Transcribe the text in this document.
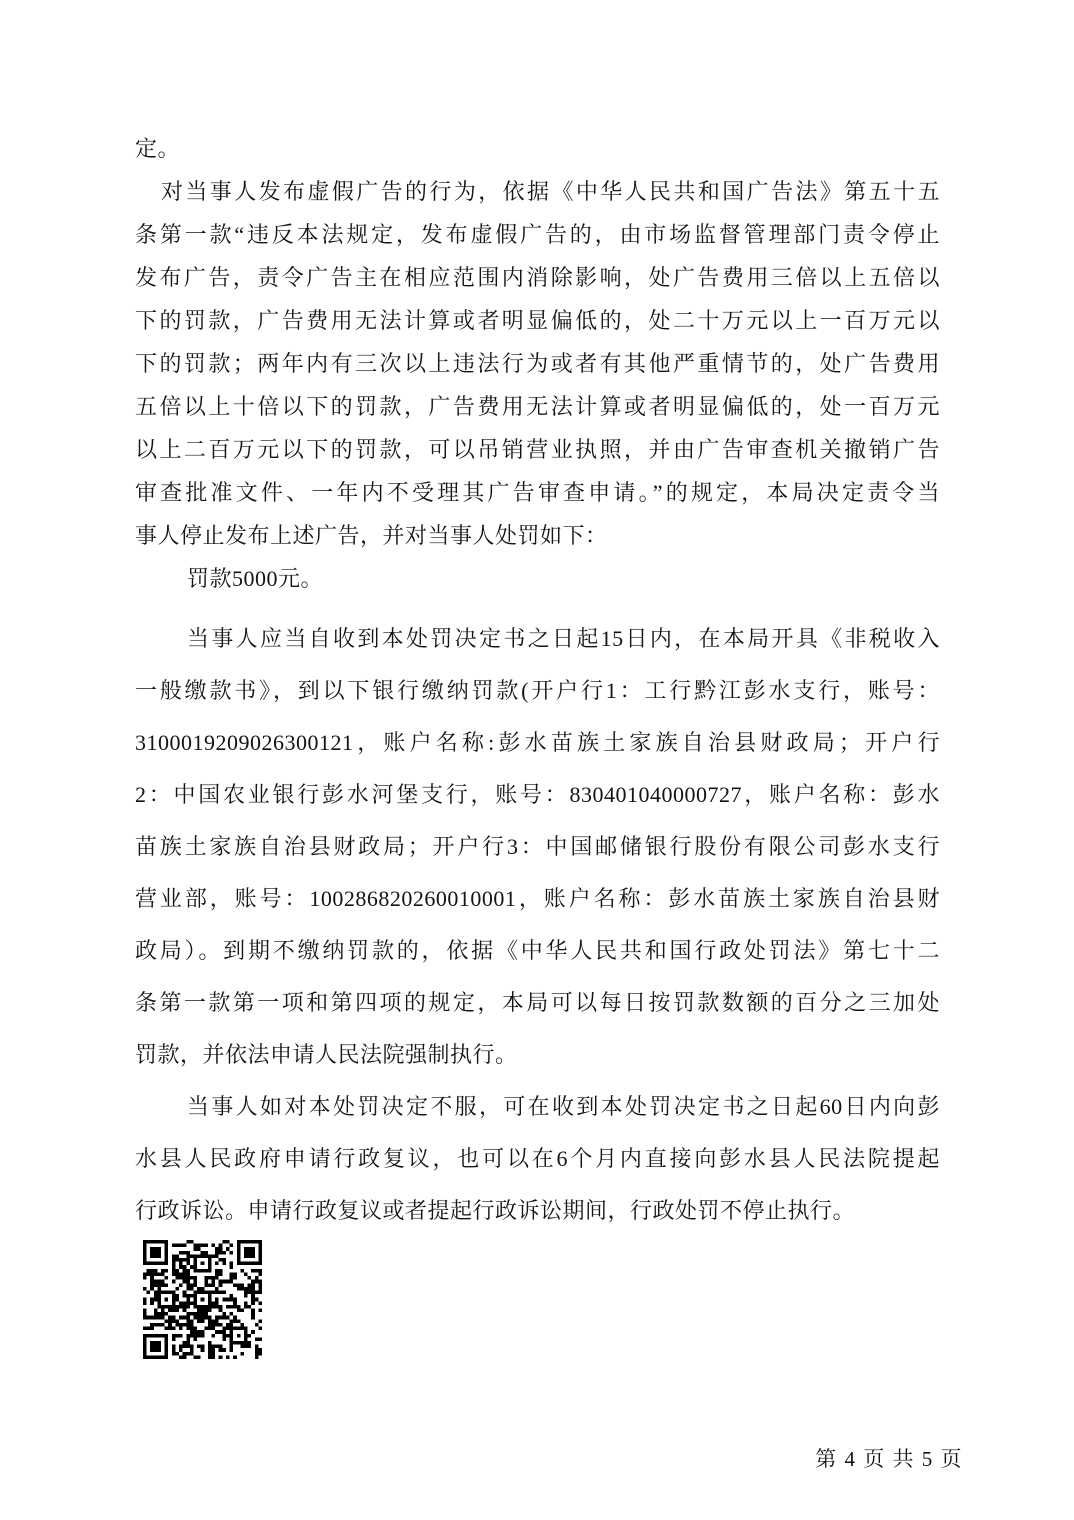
定。
对当事人发布虚假广告的行为，依据《中华人民共和国广告法》第五十五
条第一款“违反本法规定，发布虚假广告的，由市场监督管理部门责令停止
发布广告，责令广告主在相应范围内消除影响，处广告费用三倍以上五倍以
下的罚款，广告费用无法计算或者明显偏低的，处二十万元以上一百万元以
下的罚款；两年内有三次以上违法行为或者有其他严重情节的，处广告费用
五倍以上十倍以下的罚款，广告费用无法计算或者明显偏低的，处一百万元
以上二百万元以下的罚款，可以吊销营业执照，并由广告审查机关撤销广告
审查批准文件、一年内不受理其广告审查申请。”的规定，本局决定责令当
事人停止发布上述广告，并对当事人处罚如下：
罚款5000元。
当事人应当自收到本处罚决定书之日起15日内，在本局开具《非税收入
一般缴款书》，到以下银行缴纳罚款(开户行1：工行黔江彭水支行，账号：
3100019209026300121，账户名称:彭水苗族土家族自治县财政局；开户行
2：中国农业银行彭水河堡支行，账号：830401040000727，账户名称：彭水
苗族土家族自治县财政局；开户行3：中国邮储银行股份有限公司彭水支行
营业部，账号：100286820260010001，账户名称：彭水苗族土家族自治县财
政局）。到期不缴纳罚款的，依据《中华人民共和国行政处罚法》第七十二
条第一款第一项和第四项的规定，本局可以每日按罚款数额的百分之三加处
罚款，并依法申请人民法院强制执行。
当事人如对本处罚决定不服，可在收到本处罚决定书之日起60日内向彭
水县人民政府申请行政复议，也可以在6个月内直接向彭水县人民法院提起
行政诉讼。申请行政复议或者提起行政诉讼期间，行政处罚不停止执行。
第 4 页 共 5 页
